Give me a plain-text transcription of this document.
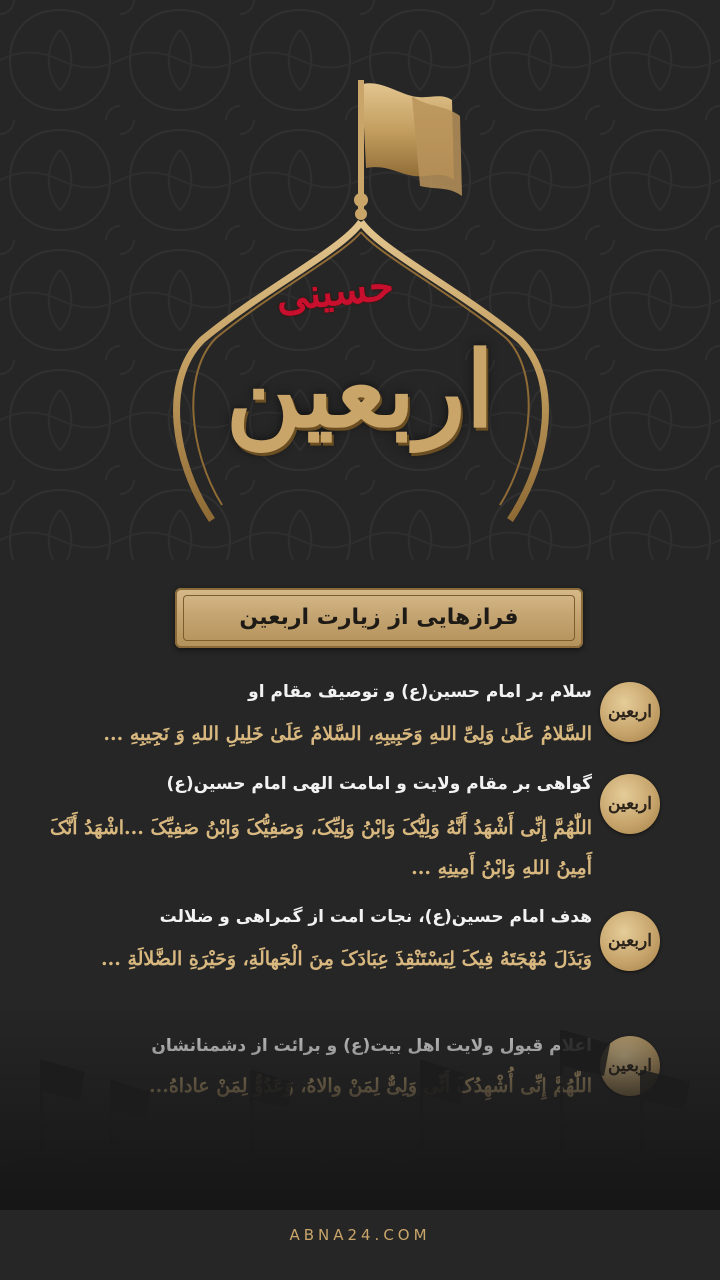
حسینی
اربعین
فرازهایی از زیارت اربعین
اربعین
سلام بر امام حسین(ع) و توصیف مقام او
السَّلامُ عَلَیٰ وَلِیِّ اللهِ وَحَبِیبِهِ، السَّلامُ عَلَیٰ خَلِیلِ اللهِ وَ نَجِیبِهِ ...
اربعین
گواهی بر مقام ولایت و امامت الهی امام حسین(ع)
اللّٰهُمَّ إِنِّی أَشْهَدُ أَنَّهُ وَلِیُّکَ وَابْنُ وَلِیِّکَ، وَصَفِیُّکَ وَابْنُ صَفِیِّکَ ...اشْهَدُ أَنَّکَ أَمِینُ اللهِ وَابْنُ أَمِینِهِ ...
اربعین
هدف امام حسین(ع)، نجات امت از گمراهی و ضلالت
وَبَذَلَ مُهْجَتَهُ فِیکَ لِیَسْتَنْقِذَ عِبَادَکَ مِنَ الْجَهالَةِ، وَحَیْرَةِ الضَّلالَةِ ...
ABNA24.COM
